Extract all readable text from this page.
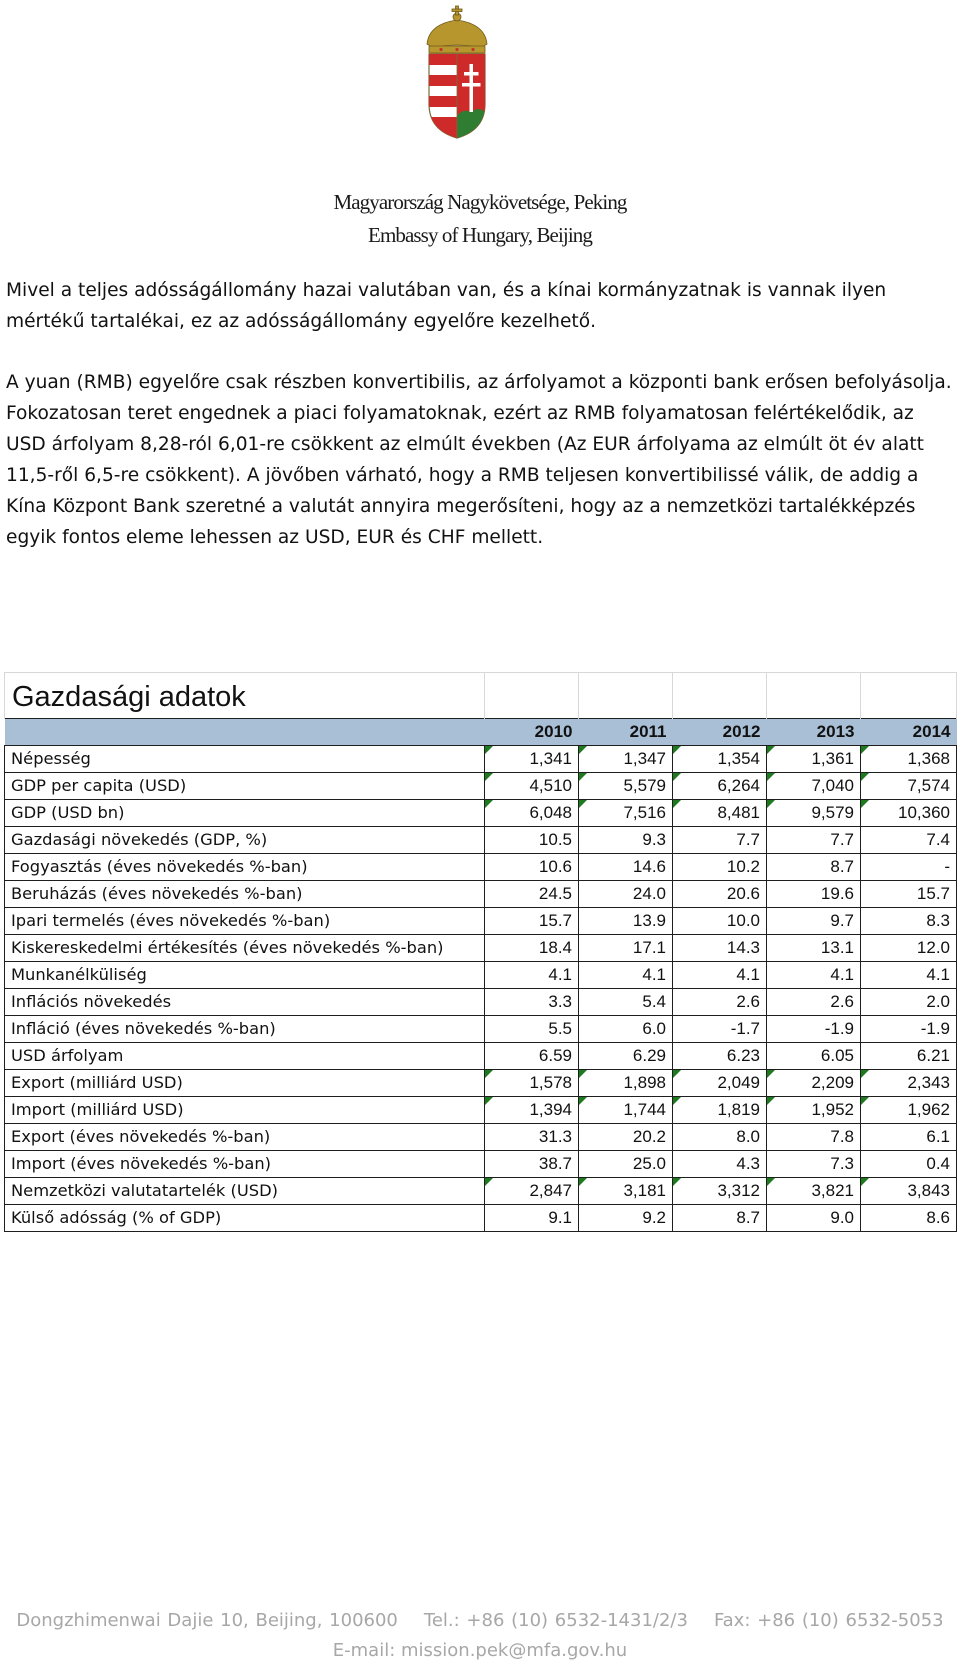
Magyarország Nagykövetsége, Peking
Embassy of Hungary, Beijing
Mivel a teljes adósságállomány hazai valutában van, és a kínai kormányzatnak is vannak ilyen mértékű tartalékai, ez az adósságállomány egyelőre kezelhető.
A yuan (RMB) egyelőre csak részben konvertibilis, az árfolyamot a központi bank erősen befolyásolja. Fokozatosan teret engednek a piaci folyamatoknak, ezért az RMB folyamatosan felértékelődik, az USD árfolyam 8,28-ról 6,01-re csökkent az elmúlt években (Az EUR árfolyama az elmúlt öt év alatt 11,5-ről 6,5-re csökkent). A jövőben várható, hogy a RMB teljesen konvertibilissé válik, de addig a Kína Központ Bank szeretné a valutát annyira megerősíteni, hogy az a nemzetközi tartalékképzés egyik fontos eleme lehessen az USD, EUR és CHF mellett.
Gazdasági adatok					
	2010	2011	2012	2013	2014
Népesség	1,341	1,347	1,354	1,361	1,368
GDP per capita (USD)	4,510	5,579	6,264	7,040	7,574
GDP (USD bn)	6,048	7,516	8,481	9,579	10,360
Gazdasági növekedés (GDP, %)	10.5	9.3	7.7	7.7	7.4
Fogyasztás (éves növekedés %-ban)	10.6	14.6	10.2	8.7	-
Beruházás (éves növekedés %-ban)	24.5	24.0	20.6	19.6	15.7
Ipari termelés (éves növekedés %-ban)	15.7	13.9	10.0	9.7	8.3
Kiskereskedelmi értékesítés (éves növekedés %-ban)	18.4	17.1	14.3	13.1	12.0
Munkanélküliség	4.1	4.1	4.1	4.1	4.1
Inflációs növekedés	3.3	5.4	2.6	2.6	2.0
Infláció (éves növekedés %-ban)	5.5	6.0	-1.7	-1.9	-1.9
USD árfolyam	6.59	6.29	6.23	6.05	6.21
Export (milliárd USD)	1,578	1,898	2,049	2,209	2,343
Import (milliárd USD)	1,394	1,744	1,819	1,952	1,962
Export (éves növekedés %-ban)	31.3	20.2	8.0	7.8	6.1
Import (éves növekedés %-ban)	38.7	25.0	4.3	7.3	0.4
Nemzetközi valutatartelék (USD)	2,847	3,181	3,312	3,821	3,843
Külső adósság (% of GDP)	9.1	9.2	8.7	9.0	8.6
Dongzhimenwai Dajie 10, Beijing, 100600 Tel.: +86 (10) 6532-1431/2/3 Fax: +86 (10) 6532-5053
E-mail: mission.pek@mfa.gov.hu
